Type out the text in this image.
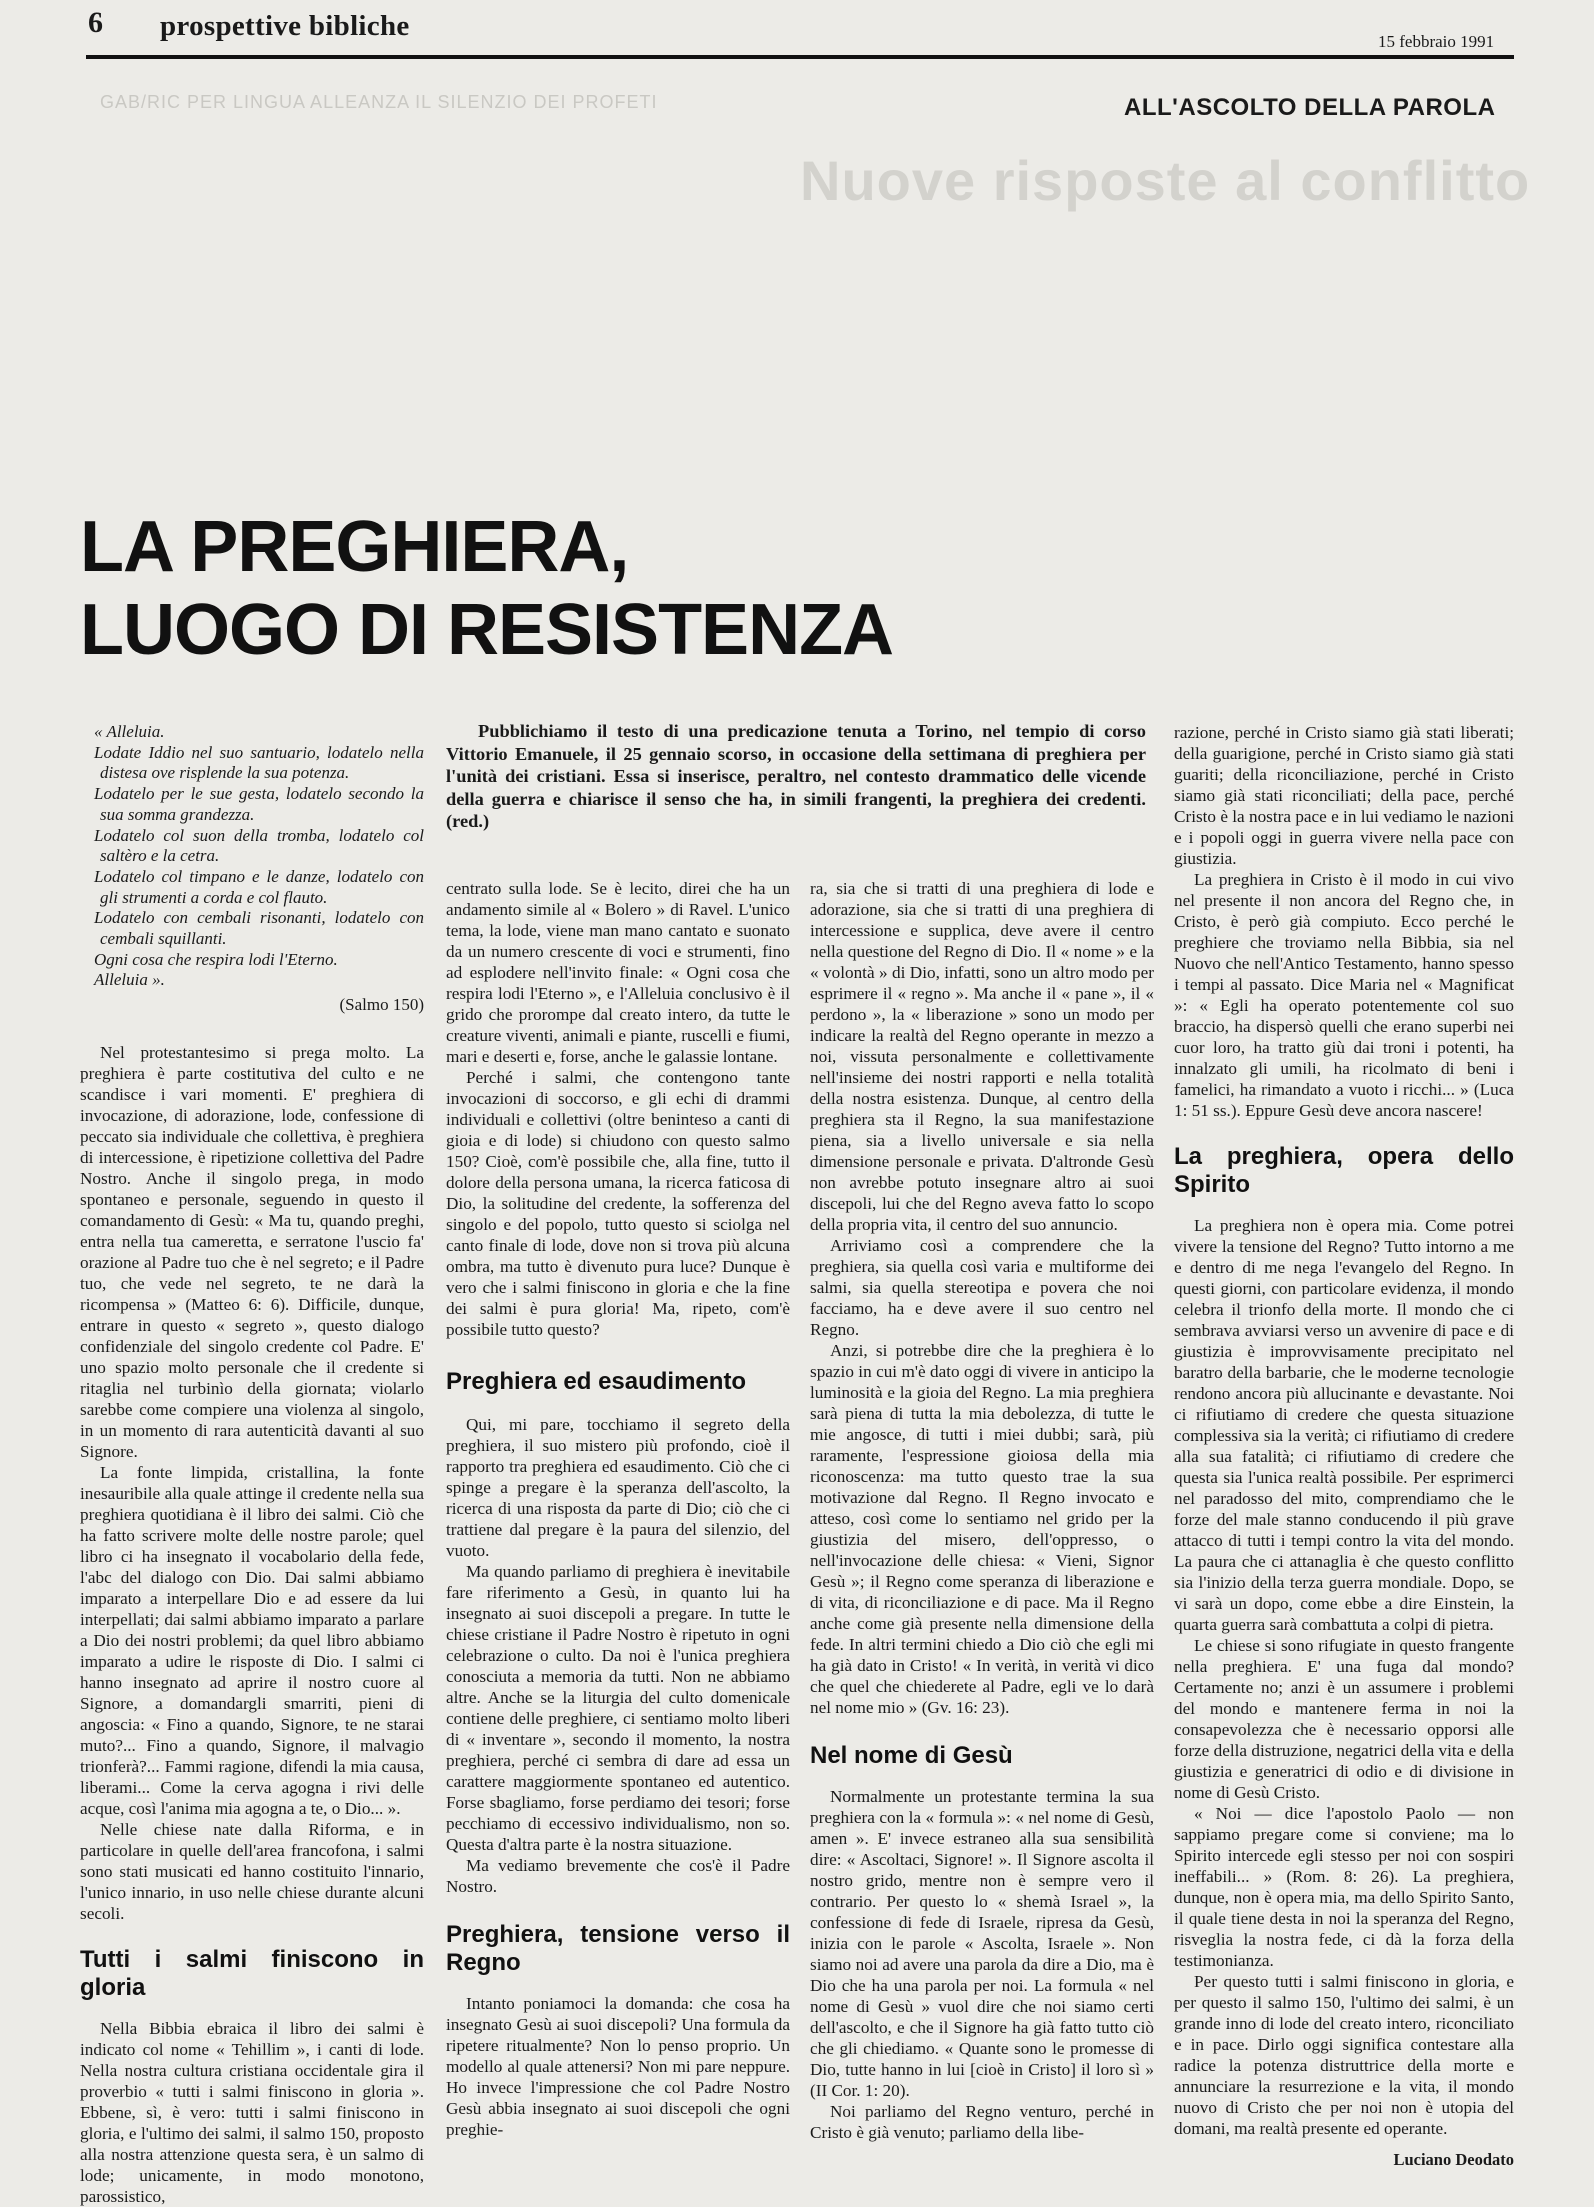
6 prospettive bibliche	15 febbraio 1991
ALL'ASCOLTO DELLA PAROLA
GAB/RIC PER LINGUA ALLEANZA IL SILENZIO DEI PROFETI
Nuove risposte al conflitto
LA PREGHIERA,
LUOGO DI RESISTENZA
« Alleluia.
Lodate Iddio nel suo santuario, lodatelo nella distesa ove risplende la sua potenza.
Lodatelo per le sue gesta, lodatelo secondo la sua somma grandezza.
Lodatelo col suon della tromba, lodatelo col saltèro e la cetra.
Lodatelo col timpano e le danze, lodatelo con gli strumenti a corda e col flauto.
Lodatelo con cembali risonanti, lodatelo con cembali squillanti.
Ogni cosa che respira lodi l'Eterno.
Alleluia ».
(Salmo 150)

Nel protestantesimo si prega molto. La preghiera è parte costitutiva del culto e ne scandisce i vari momenti. E' preghiera di invocazione, di adorazione, lode, confessione di peccato sia individuale che collettiva, è preghiera di intercessione, è ripetizione collettiva del Padre Nostro. Anche il singolo prega, in modo spontaneo e personale, seguendo in questo il comandamento di Gesù: « Ma tu, quando preghi, entra nella tua cameretta, e serratone l'uscio fa' orazione al Padre tuo che è nel segreto; e il Padre tuo, che vede nel segreto, te ne darà la ricompensa » (Matteo 6: 6). Difficile, dunque, entrare in questo « segreto », questo dialogo confidenziale del singolo credente col Padre. E' uno spazio molto personale che il credente si ritaglia nel turbinìo della giornata; violarlo sarebbe come compiere una violenza al singolo, in un momento di rara autenticità davanti al suo Signore.

La fonte limpida, cristallina, la fonte inesauribile alla quale attinge il credente nella sua preghiera quotidiana è il libro dei salmi. Ciò che ha fatto scrivere molte delle nostre parole; quel libro ci ha insegnato il vocabolario della fede, l'abc del dialogo con Dio. Dai salmi abbiamo imparato a interpellare Dio e ad essere da lui interpellati; dai salmi abbiamo imparato a parlare a Dio dei nostri problemi; da quel libro abbiamo imparato a udire le risposte di Dio. I salmi ci hanno insegnato ad aprire il nostro cuore al Signore, a domandargli smarriti, pieni di angoscia: « Fino a quando, Signore, te ne starai muto?... Fino a quando, Signore, il malvagio trionferà?... Fammi ragione, difendi la mia causa, liberami... Come la cerva agogna i rivi delle acque, così l'anima mia agogna a te, o Dio... ».

Nelle chiese nate dalla Riforma, e in particolare in quelle dell'area francofona, i salmi sono stati musicati ed hanno costituito l'innario, l'unico innario, in uso nelle chiese durante alcuni secoli.

Tutti i salmi finiscono in gloria

Nella Bibbia ebraica il libro dei salmi è indicato col nome « Tehillim », i canti di lode. Nella nostra cultura cristiana occidentale gira il proverbio « tutti i salmi finiscono in gloria ». Ebbene, sì, è vero: tutti i salmi finiscono in gloria, e l'ultimo dei salmi, il salmo 150, proposto alla nostra attenzione questa sera, è un salmo di lode; unicamente, in modo monotono, parossistico,

Pubblichiamo il testo di una predicazione tenuta a Torino, nel tempio di corso Vittorio Emanuele, il 25 gennaio scorso, in occasione della settimana di preghiera per l'unità dei cristiani. Essa si inserisce, peraltro, nel contesto drammatico delle vicende della guerra e chiarisce il senso che ha, in simili frangenti, la preghiera dei credenti. (red.)

centrato sulla lode. Se è lecito, direi che ha un andamento simile al « Bolero » di Ravel. L'unico tema, la lode, viene man mano cantato e suonato da un numero crescente di voci e strumenti, fino ad esplodere nell'invito finale: « Ogni cosa che respira lodi l'Eterno », e l'Alleluia conclusivo è il grido che prorompe dal creato intero, da tutte le creature viventi, animali e piante, ruscelli e fiumi, mari e deserti e, forse, anche le galassie lontane.

Perché i salmi, che contengono tante invocazioni di soccorso, e gli echi di drammi individuali e collettivi (oltre beninteso a canti di gioia e di lode) si chiudono con questo salmo 150? Cioè, com'è possibile che, alla fine, tutto il dolore della persona umana, la ricerca faticosa di Dio, la solitudine del credente, la sofferenza del singolo e del popolo, tutto questo si sciolga nel canto finale di lode, dove non si trova più alcuna ombra, ma tutto è divenuto pura luce? Dunque è vero che i salmi finiscono in gloria e che la fine dei salmi è pura gloria! Ma, ripeto, com'è possibile tutto questo?

Preghiera ed esaudimento

Qui, mi pare, tocchiamo il segreto della preghiera, il suo mistero più profondo, cioè il rapporto tra preghiera ed esaudimento. Ciò che ci spinge a pregare è la speranza dell'ascolto, la ricerca di una risposta da parte di Dio; ciò che ci trattiene dal pregare è la paura del silenzio, del vuoto.

Ma quando parliamo di preghiera è inevitabile fare riferimento a Gesù, in quanto lui ha insegnato ai suoi discepoli a pregare. In tutte le chiese cristiane il Padre Nostro è ripetuto in ogni celebrazione o culto. Da noi è l'unica preghiera conosciuta a memoria da tutti. Non ne abbiamo altre. Anche se la liturgia del culto domenicale contiene delle preghiere, ci sentiamo molto liberi di « inventare », secondo il momento, la nostra preghiera, perché ci sembra di dare ad essa un carattere maggiormente spontaneo ed autentico. Forse sbagliamo, forse perdiamo dei tesori; forse pecchiamo di eccessivo individualismo, non so. Questa d'altra parte è la nostra situazione.

Ma vediamo brevemente che cos'è il Padre Nostro.

Preghiera, tensione verso il Regno

Intanto poniamoci la domanda: che cosa ha insegnato Gesù ai suoi discepoli? Una formula da ripetere ritualmente? Non lo penso proprio. Un modello al quale attenersi? Non mi pare neppure. Ho invece l'impressione che col Padre Nostro Gesù abbia insegnato ai suoi discepoli che ogni preghie-

ra, sia che si tratti di una preghiera di lode e adorazione, sia che si tratti di una preghiera di intercessione e supplica, deve avere il centro nella questione del Regno di Dio. Il « nome » e la « volontà » di Dio, infatti, sono un altro modo per esprimere il « regno ». Ma anche il « pane », il « perdono », la « liberazione » sono un modo per indicare la realtà del Regno operante in mezzo a noi, vissuta personalmente e collettivamente nell'insieme dei nostri rapporti e nella totalità della nostra esistenza. Dunque, al centro della preghiera sta il Regno, la sua manifestazione piena, sia a livello universale e sia nella dimensione personale e privata. D'altronde Gesù non avrebbe potuto insegnare altro ai suoi discepoli, lui che del Regno aveva fatto lo scopo della propria vita, il centro del suo annuncio.

Arriviamo così a comprendere che la preghiera, sia quella così varia e multiforme dei salmi, sia quella stereotipa e povera che noi facciamo, ha e deve avere il suo centro nel Regno.

Anzi, si potrebbe dire che la preghiera è lo spazio in cui m'è dato oggi di vivere in anticipo la luminosità e la gioia del Regno. La mia preghiera sarà piena di tutta la mia debolezza, di tutte le mie angosce, di tutti i miei dubbi; sarà, più raramente, l'espressione gioiosa della mia riconoscenza: ma tutto questo trae la sua motivazione dal Regno. Il Regno invocato e atteso, così come lo sentiamo nel grido per la giustizia del misero, dell'oppresso, o nell'invocazione delle chiesa: « Vieni, Signor Gesù »; il Regno come speranza di liberazione e di vita, di riconciliazione e di pace. Ma il Regno anche come già presente nella dimensione della fede. In altri termini chiedo a Dio ciò che egli mi ha già dato in Cristo! « In verità, in verità vi dico che quel che chiederete al Padre, egli ve lo darà nel nome mio » (Gv. 16: 23).

Nel nome di Gesù

Normalmente un protestante termina la sua preghiera con la « formula »: « nel nome di Gesù, amen ». E' invece estraneo alla sua sensibilità dire: « Ascoltaci, Signore! ». Il Signore ascolta il nostro grido, mentre non è sempre vero il contrario. Per questo lo « shemà Israel », la confessione di fede di Israele, ripresa da Gesù, inizia con le parole « Ascolta, Israele ». Non siamo noi ad avere una parola da dire a Dio, ma è Dio che ha una parola per noi. La formula « nel nome di Gesù » vuol dire che noi siamo certi dell'ascolto, e che il Signore ha già fatto tutto ciò che gli chiediamo. « Quante sono le promesse di Dio, tutte hanno in lui [cioè in Cristo] il loro sì » (II Cor. 1: 20).

Noi parliamo del Regno venturo, perché in Cristo è già venuto; parliamo della libe-

razione, perché in Cristo siamo già stati liberati; della guarigione, perché in Cristo siamo già stati guariti; della riconciliazione, perché in Cristo siamo già stati riconciliati; della pace, perché Cristo è la nostra pace e in lui vediamo le nazioni e i popoli oggi in guerra vivere nella pace con giustizia.

La preghiera in Cristo è il modo in cui vivo nel presente il non ancora del Regno che, in Cristo, è però già compiuto. Ecco perché le preghiere che troviamo nella Bibbia, sia nel Nuovo che nell'Antico Testamento, hanno spesso i tempi al passato. Dice Maria nel « Magnificat »: « Egli ha operato potentemente col suo braccio, ha dispersò quelli che erano superbi nei cuor loro, ha tratto giù dai troni i potenti, ha innalzato gli umili, ha ricolmato di beni i famelici, ha rimandato a vuoto i ricchi... » (Luca 1: 51 ss.). Eppure Gesù deve ancora nascere!

La preghiera, opera dello Spirito

La preghiera non è opera mia. Come potrei vivere la tensione del Regno? Tutto intorno a me e dentro di me nega l'evangelo del Regno. In questi giorni, con particolare evidenza, il mondo celebra il trionfo della morte. Il mondo che ci sembrava avviarsi verso un avvenire di pace e di giustizia è improvvisamente precipitato nel baratro della barbarie, che le moderne tecnologie rendono ancora più allucinante e devastante. Noi ci rifiutiamo di credere che questa situazione complessiva sia la verità; ci rifiutiamo di credere alla sua fatalità; ci rifiutiamo di credere che questa sia l'unica realtà possibile. Per esprimerci nel paradosso del mito, comprendiamo che le forze del male stanno conducendo il più grave attacco di tutti i tempi contro la vita del mondo. La paura che ci attanaglia è che questo conflitto sia l'inizio della terza guerra mondiale. Dopo, se vi sarà un dopo, come ebbe a dire Einstein, la quarta guerra sarà combattuta a colpi di pietra.

Le chiese si sono rifugiate in questo frangente nella preghiera. E' una fuga dal mondo? Certamente no; anzi è un assumere i problemi del mondo e mantenere ferma in noi la consapevolezza che è necessario opporsi alle forze della distruzione, negatrici della vita e della giustizia e generatrici di odio e di divisione in nome di Gesù Cristo.

« Noi — dice l'apostolo Paolo — non sappiamo pregare come si conviene; ma lo Spirito intercede egli stesso per noi con sospiri ineffabili... » (Rom. 8: 26). La preghiera, dunque, non è opera mia, ma dello Spirito Santo, il quale tiene desta in noi la speranza del Regno, risveglia la nostra fede, ci dà la forza della testimonianza.

Per questo tutti i salmi finiscono in gloria, e per questo il salmo 150, l'ultimo dei salmi, è un grande inno di lode del creato intero, riconciliato e in pace. Dirlo oggi significa contestare alla radice la potenza distruttrice della morte e annunciare la resurrezione e la vita, il mondo nuovo di Cristo che per noi non è utopia del domani, ma realtà presente ed operante.

Luciano Deodato
